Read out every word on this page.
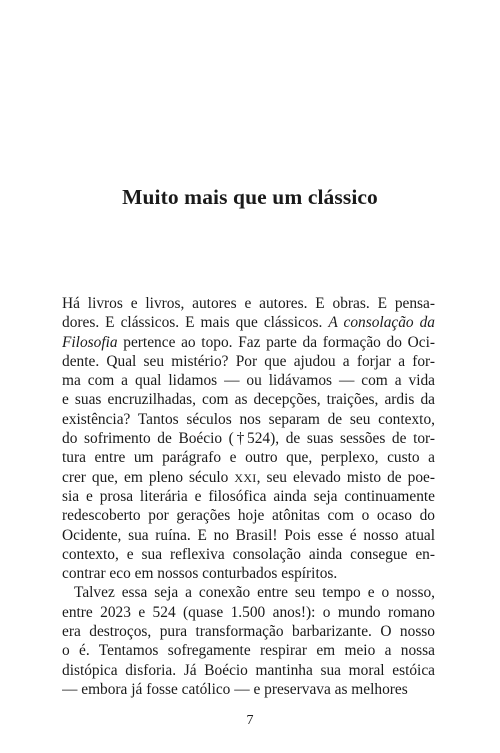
Muito mais que um clássico
Há livros e livros, autores e autores. E obras. E pensa-
dores. E clássicos. E mais que clássicos. A consolação da
Filosofia pertence ao topo. Faz parte da formação do Oci-
dente. Qual seu mistério? Por que ajudou a forjar a for-
ma com a qual lidamos — ou lidávamos — com a vida
e suas encruzilhadas, com as decepções, traições, ardis da
existência? Tantos séculos nos separam de seu contexto,
do sofrimento de Boécio (†524), de suas sessões de tor-
tura entre um parágrafo e outro que, perplexo, custo a
crer que, em pleno século XXI, seu elevado misto de poe-
sia e prosa literária e filosófica ainda seja continuamente
redescoberto por gerações hoje atônitas com o ocaso do
Ocidente, sua ruína. E no Brasil! Pois esse é nosso atual
contexto, e sua reflexiva consolação ainda consegue en-
contrar eco em nossos conturbados espíritos.
Talvez essa seja a conexão entre seu tempo e o nosso,
entre 2023 e 524 (quase 1.500 anos!): o mundo romano
era destroços, pura transformação barbarizante. O nosso
o é. Tentamos sofregamente respirar em meio a nossa
distópica disforia. Já Boécio mantinha sua moral estóica
— embora já fosse católico — e preservava as melhores
7
